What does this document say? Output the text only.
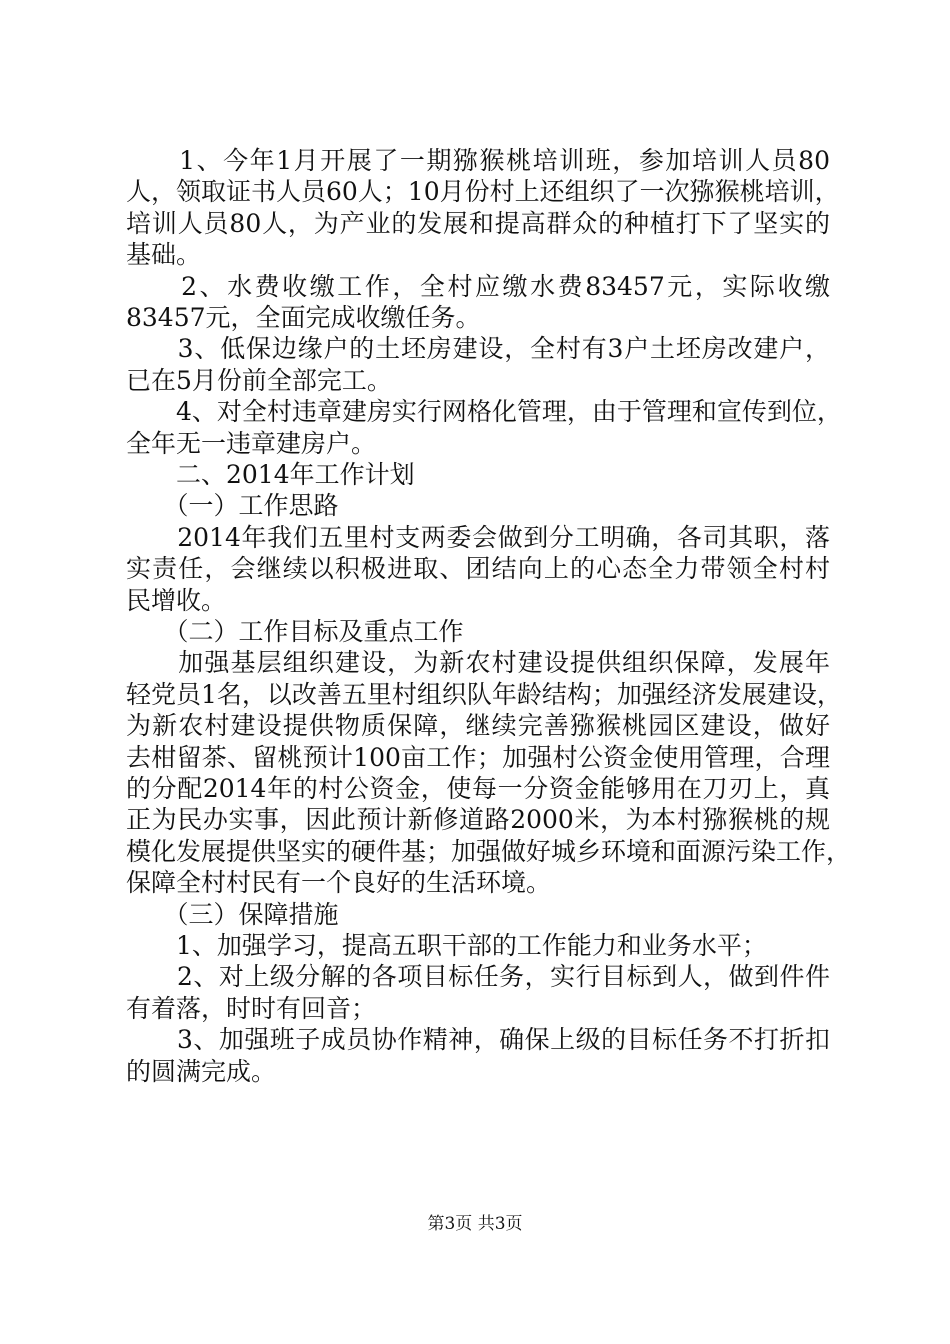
　　1、今年1月开展了一期猕猴桃培训班，参加培训人员80
人，领取证书人员60人；10月份村上还组织了一次猕猴桃培训，
培训人员80人，为产业的发展和提高群众的种植打下了坚实的
基础。
　　2、水费收缴工作，全村应缴水费83457元，实际收缴
83457元，全面完成收缴任务。
　　3、低保边缘户的土坯房建设，全村有3户土坯房改建户，
已在5月份前全部完工。
　　4、对全村违章建房实行网格化管理，由于管理和宣传到位，
全年无一违章建房户。
　　二、2014年工作计划
　　（一）工作思路
　　2014年我们五里村支两委会做到分工明确，各司其职，落
实责任，会继续以积极进取、团结向上的心态全力带领全村村
民增收。
　　（二）工作目标及重点工作
　　加强基层组织建设，为新农村建设提供组织保障，发展年
轻党员1名，以改善五里村组织队年龄结构；加强经济发展建设，
为新农村建设提供物质保障，继续完善猕猴桃园区建设，做好
去柑留茶、留桃预计100亩工作；加强村公资金使用管理，合理
的分配2014年的村公资金，使每一分资金能够用在刀刃上，真
正为民办实事，因此预计新修道路2000米，为本村猕猴桃的规
模化发展提供坚实的硬件基；加强做好城乡环境和面源污染工作，
保障全村村民有一个良好的生活环境。
　　（三）保障措施
　　1、加强学习，提高五职干部的工作能力和业务水平；
　　2、对上级分解的各项目标任务，实行目标到人，做到件件
有着落，时时有回音；
　　3、加强班子成员协作精神，确保上级的目标任务不打折扣
的圆满完成。
第3页 共3页
